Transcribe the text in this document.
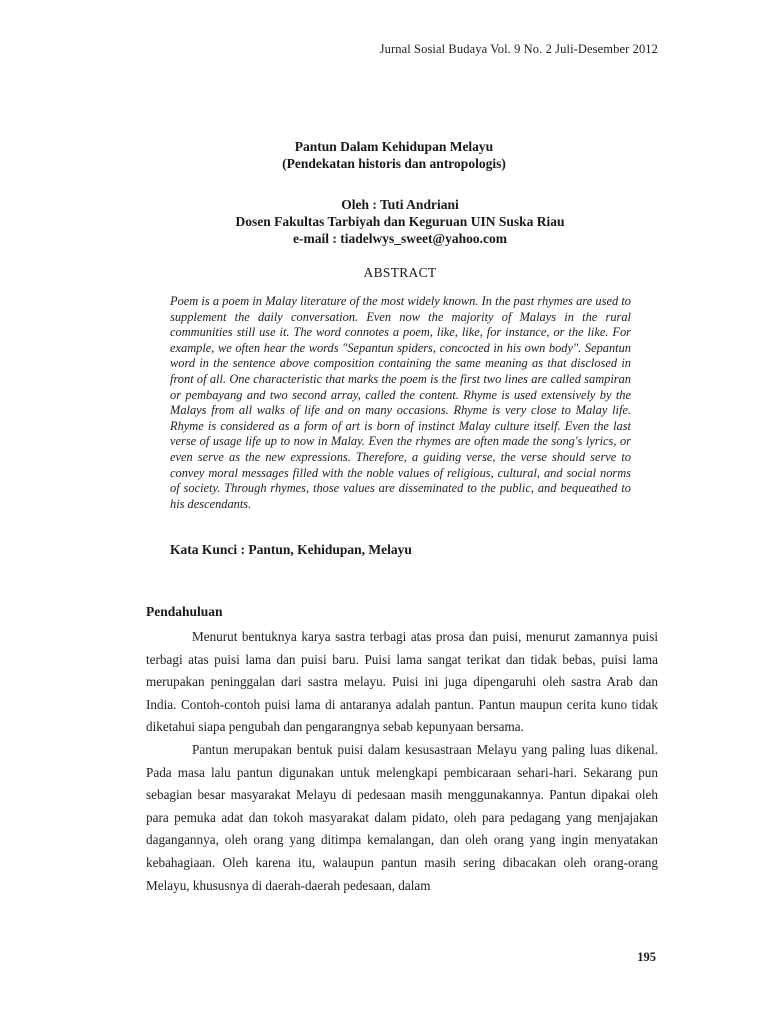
Jurnal Sosial Budaya Vol. 9 No. 2 Juli-Desember 2012
Pantun Dalam Kehidupan Melayu
(Pendekatan historis dan antropologis)
Oleh : Tuti Andriani
Dosen Fakultas Tarbiyah dan Keguruan UIN Suska Riau
e-mail : tiadelwys_sweet@yahoo.com
ABSTRACT
Poem is a poem in Malay literature of the most widely known. In the past rhymes are used to supplement the daily conversation. Even now the majority of Malays in the rural communities still use it. The word connotes a poem, like, like, for instance, or the like. For example, we often hear the words "Sepantun spiders, concocted in his own body". Sepantun word in the sentence above composition containing the same meaning as that disclosed in front of all. One characteristic that marks the poem is the first two lines are called sampiran or pembayang and two second array, called the content. Rhyme is used extensively by the Malays from all walks of life and on many occasions. Rhyme is very close to Malay life. Rhyme is considered as a form of art is born of instinct Malay culture itself. Even the last verse of usage life up to now in Malay. Even the rhymes are often made the song's lyrics, or even serve as the new expressions. Therefore, a guiding verse, the verse should serve to convey moral messages filled with the noble values of religious, cultural, and social norms of society. Through rhymes, those values are disseminated to the public, and bequeathed to his descendants.
Kata Kunci : Pantun, Kehidupan, Melayu
Pendahuluan

Menurut bentuknya karya sastra terbagi atas prosa dan puisi, menurut zamannya puisi terbagi atas puisi lama dan puisi baru. Puisi lama sangat terikat dan tidak bebas, puisi lama merupakan peninggalan dari sastra melayu. Puisi ini juga dipengaruhi oleh sastra Arab dan India. Contoh-contoh puisi lama di antaranya adalah pantun. Pantun maupun cerita kuno tidak diketahui siapa pengubah dan pengarangnya sebab kepunyaan bersama.

Pantun merupakan bentuk puisi dalam kesusastraan Melayu yang paling luas dikenal. Pada masa lalu pantun digunakan untuk melengkapi pembicaraan sehari-hari. Sekarang pun sebagian besar masyarakat Melayu di pedesaan masih menggunakannya. Pantun dipakai oleh para pemuka adat dan tokoh masyarakat dalam pidato, oleh para pedagang yang menjajakan dagangannya, oleh orang yang ditimpa kemalangan, dan oleh orang yang ingin menyatakan kebahagiaan. Oleh karena itu, walaupun pantun masih sering dibacakan oleh orang-orang Melayu, khususnya di daerah-daerah pedesaan, dalam

195
